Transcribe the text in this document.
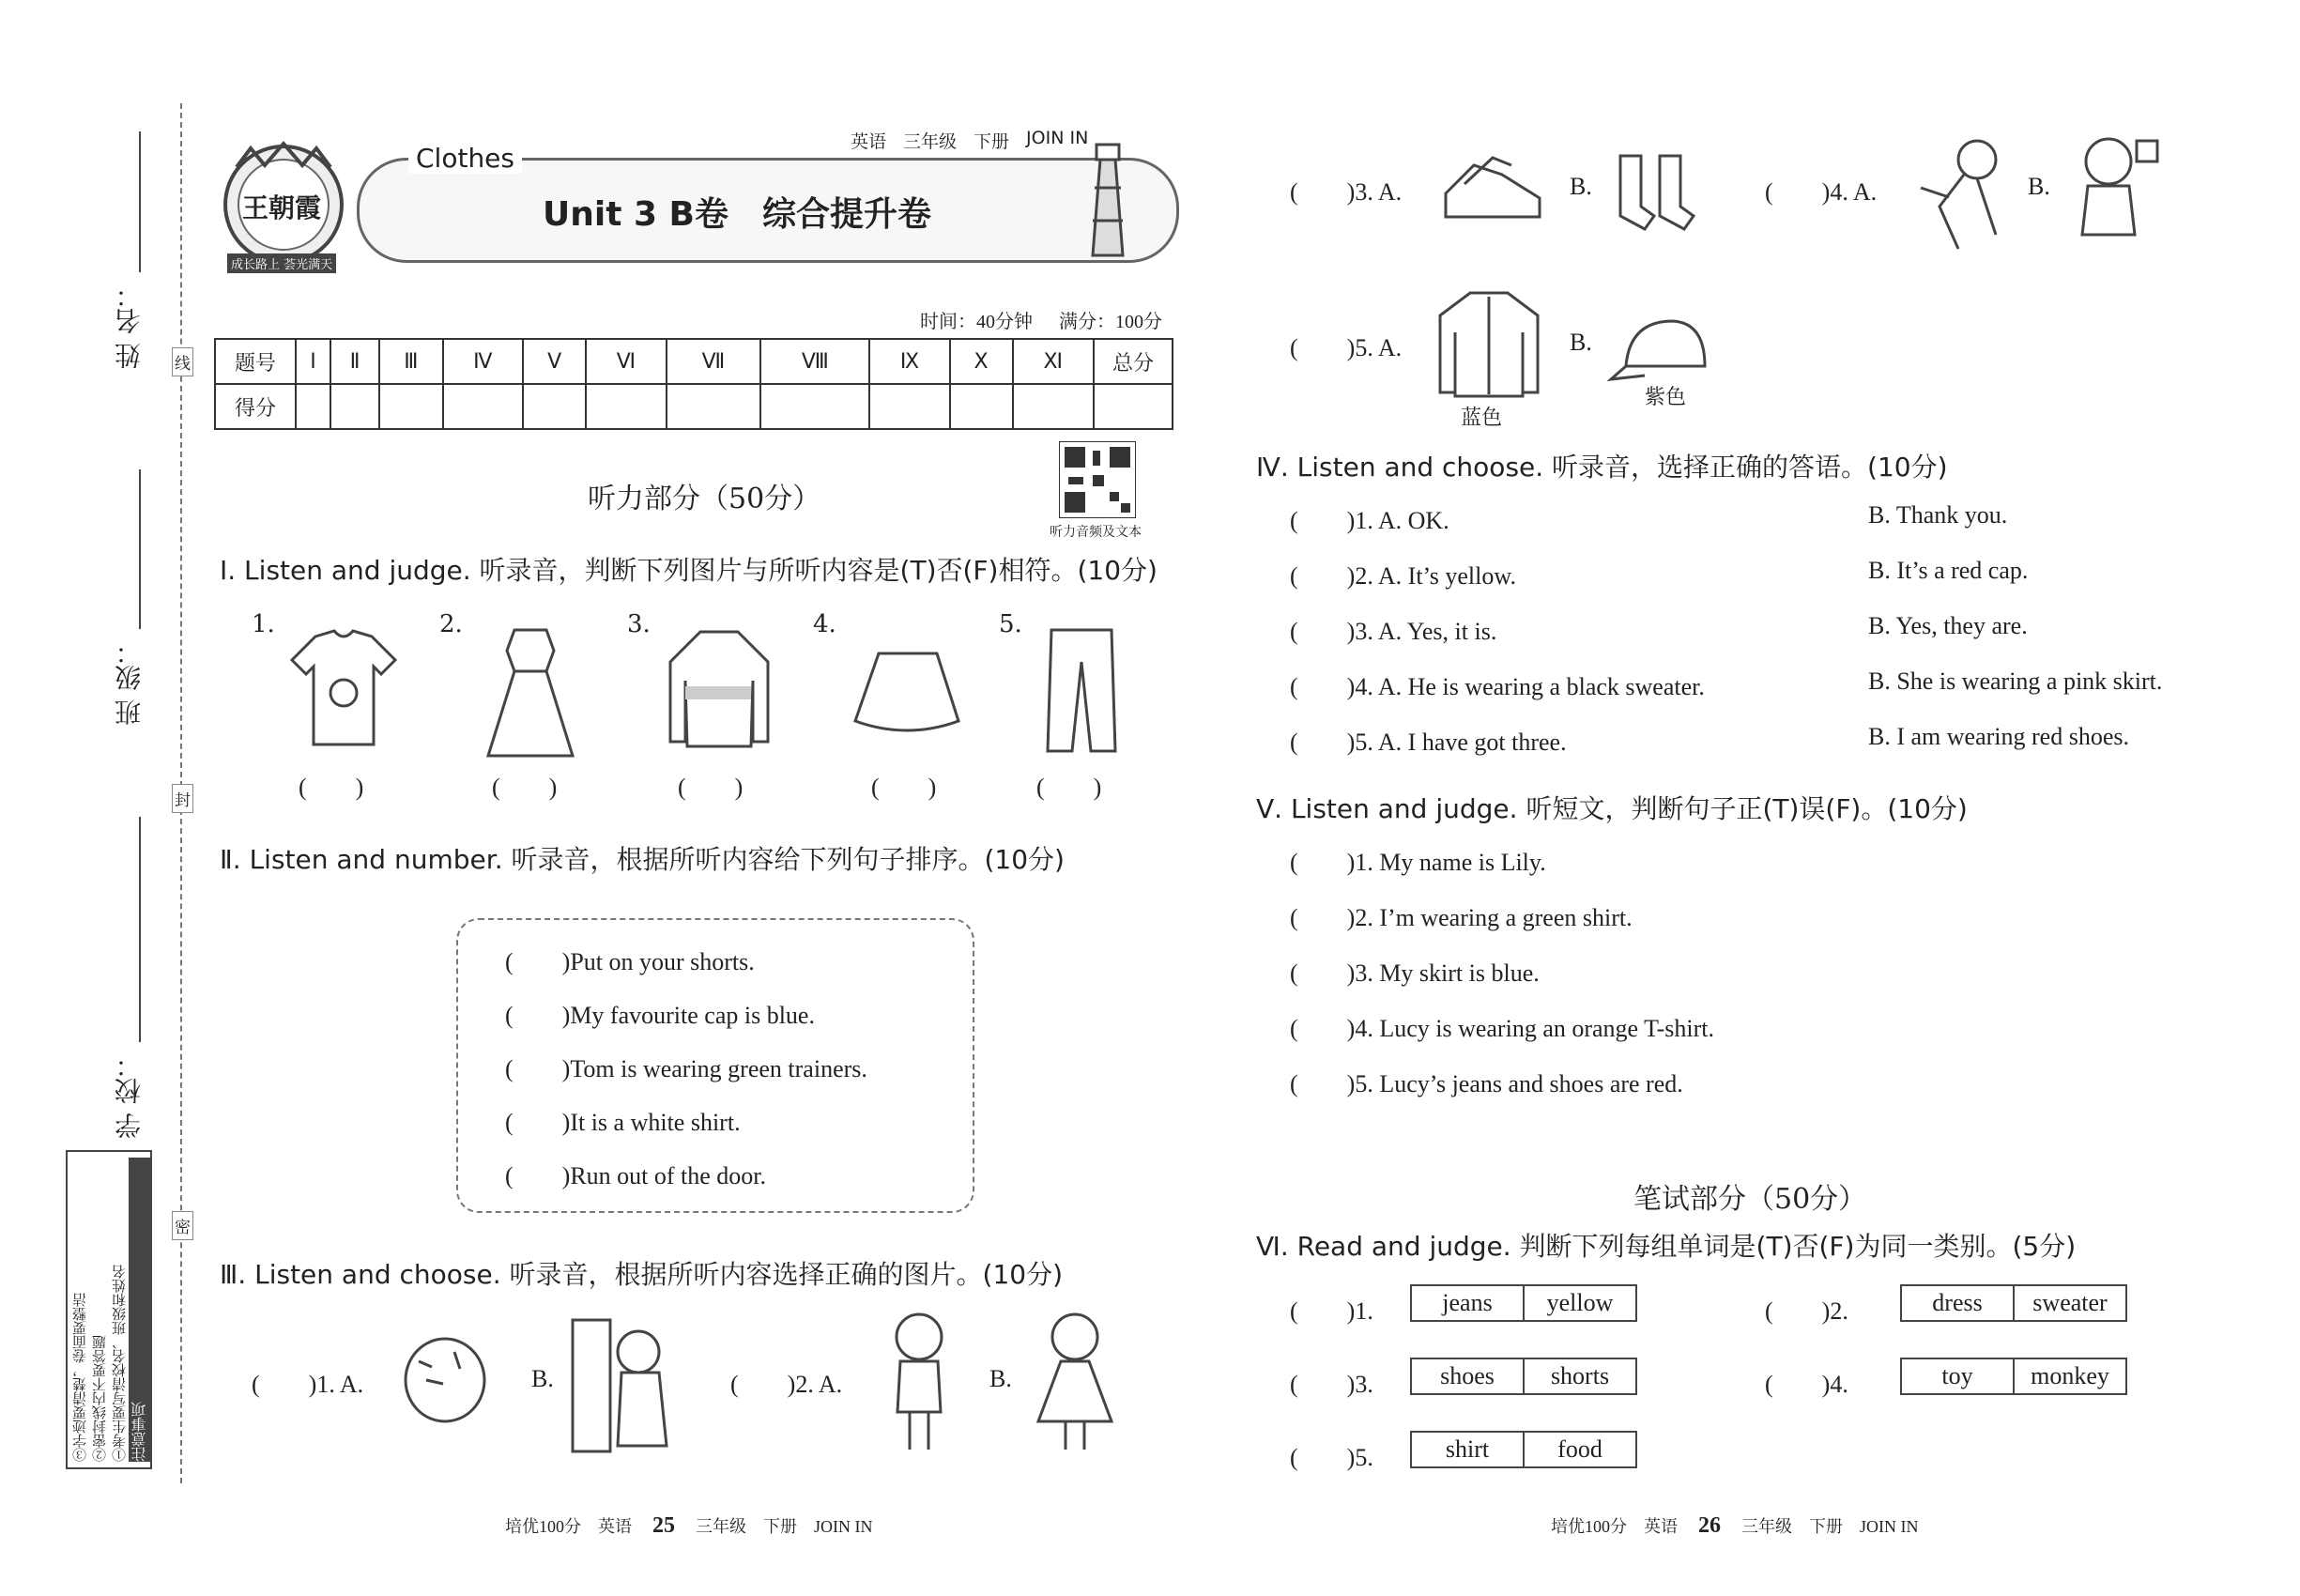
姓 名：
班 级：
学 校：
线
封
密
注意事项
①考生要写清校名、班级和姓名
②密封线内不要答题
③字迹要清楚，卷面要整洁
王朝霞
成长路上 荟光满天
Clothes
Unit 3 B卷　综合提升卷
英语 三年级 下册 JOIN IN
时间：40分钟 满分：100分
题号	Ⅰ	Ⅱ	Ⅲ	Ⅳ	Ⅴ	Ⅵ	Ⅶ	Ⅷ	Ⅸ	Ⅹ	Ⅺ	总分
得分												
听力部分（50分）
听力音频及文本
Ⅰ. Listen and judge. 听录音，判断下列图片与所听内容是(T)否(F)相符。(10分)
1.	2.	3.	4.	5.
(　　)	(　　)	(　　)	(　　)	(　　)
Ⅱ. Listen and number. 听录音，根据所听内容给下列句子排序。(10分)
(　　)Put on your shorts.
(　　)My favourite cap is blue.
(　　)Tom is wearing green trainers.
(　　)It is a white shirt.
(　　)Run out of the door.
Ⅲ. Listen and choose. 听录音，根据所听内容选择正确的图片。(10分)
(　　)1. A.	B.	(　　)2. A.	B.
(　　)3. A.	B.	(　　)4. A.	B.
(　　)5. A.
蓝色
B.
紫色
Ⅳ. Listen and choose. 听录音，选择正确的答语。(10分)
(　　)1. A. OK.	B. Thank you.
(　　)2. A. It’s yellow.	B. It’s a red cap.
(　　)3. A. Yes, it is.	B. Yes, they are.
(　　)4. A. He is wearing a black sweater.	B. She is wearing a pink skirt.
(　　)5. A. I have got three.	B. I am wearing red shoes.
Ⅴ. Listen and judge. 听短文，判断句子正(T)误(F)。(10分)
(　　)1. My name is Lily.
(　　)2. I’m wearing a green shirt.
(　　)3. My skirt is blue.
(　　)4. Lucy is wearing an orange T-shirt.
(　　)5. Lucy’s jeans and shoes are red.
笔试部分（50分）
Ⅵ. Read and judge. 判断下列每组单词是(T)否(F)为同一类别。(5分)
(　　)1.	jeans	yellow	(　　)2.	dress	sweater
(　　)3.	shoes	shorts	(　　)4.	toy	monkey
(　　)5.	shirt	food
培优100分　英语 25 三年级　下册　JOIN IN	培优100分　英语 26 三年级　下册　JOIN IN
